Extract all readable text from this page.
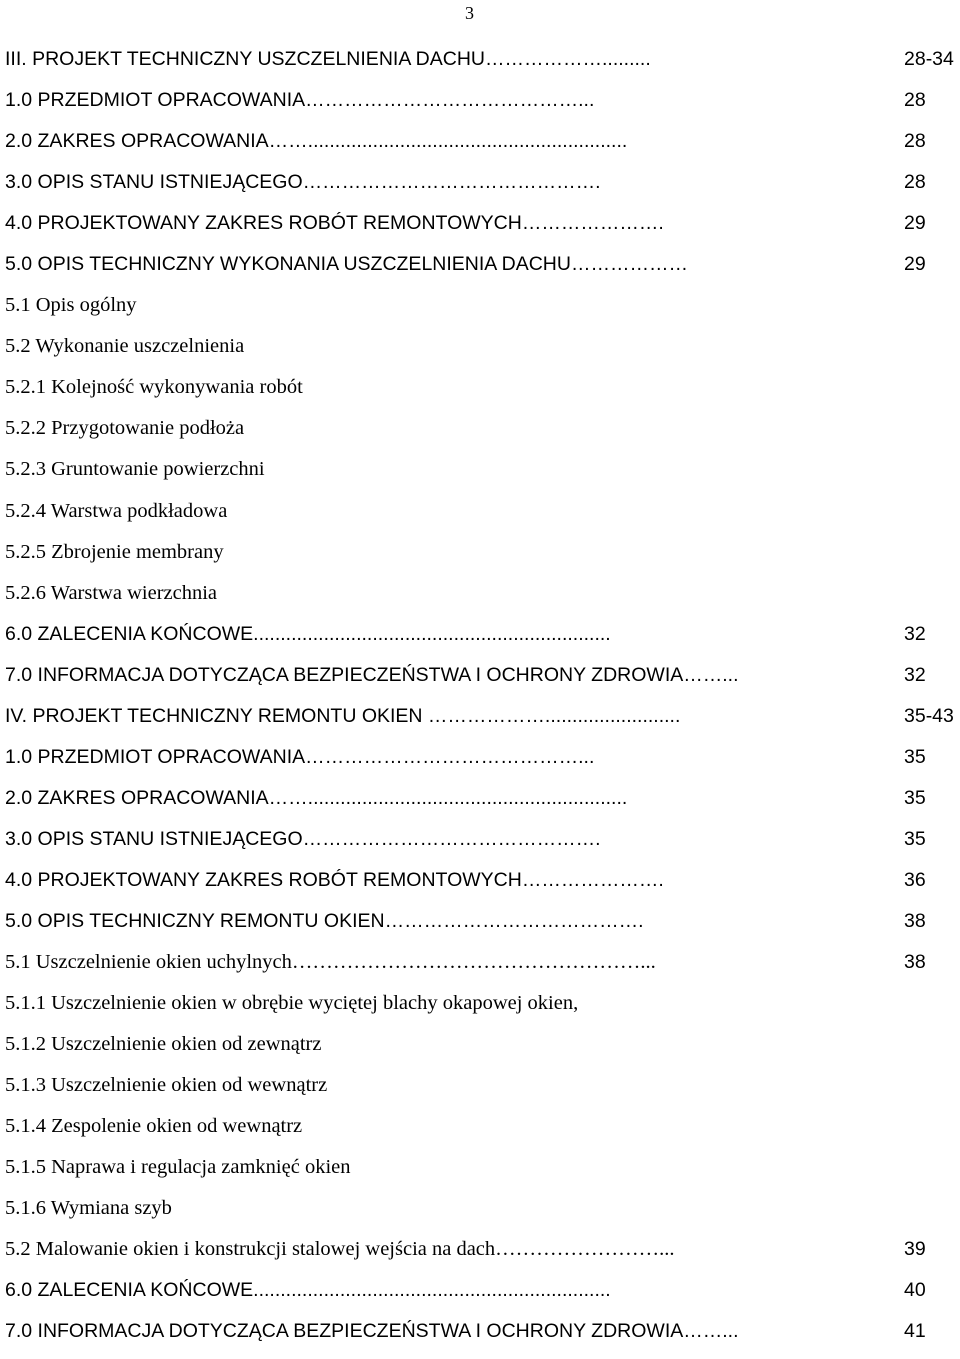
3
III. PROJEKT TECHNICZNY USZCZELNIENIA DACHU……………….........	28-34
1.0 PRZEDMIOT OPRACOWANIA……………………………………...	28
2.0 ZAKRES OPRACOWANIA……...........................................................	28
3.0 OPIS STANU ISTNIEJĄCEGO……………………………………….	28
4.0 PROJEKTOWANY ZAKRES ROBÓT REMONTOWYCH………………….	29
5.0 OPIS TECHNICZNY WYKONANIA USZCZELNIENIA DACHU………………	29
5.1 Opis ogólny
5.2 Wykonanie uszczelnienia
5.2.1 Kolejność wykonywania robót
5.2.2 Przygotowanie podłoża
5.2.3 Gruntowanie powierzchni
5.2.4 Warstwa podkładowa
5.2.5 Zbrojenie membrany
5.2.6 Warstwa wierzchnia
6.0 ZALECENIA KOŃCOWE..................................................................	32
7.0 INFORMACJA DOTYCZĄCA BEZPIECZEŃSTWA I OCHRONY ZDROWIA……...	32
IV. PROJEKT TECHNICZNY REMONTU OKIEN ……………….........................	35-43
1.0 PRZEDMIOT OPRACOWANIA……………………………………...	35
2.0 ZAKRES OPRACOWANIA……...........................................................	35
3.0 OPIS STANU ISTNIEJĄCEGO……………………………………….	35
4.0 PROJEKTOWANY ZAKRES ROBÓT REMONTOWYCH………………….	36
5.0 OPIS TECHNICZNY REMONTU OKIEN………………………………….	38
5.1 Uszczelnienie okien uchylnych……………………………………………...	38
5.1.1 Uszczelnienie okien w obrębie wyciętej blachy okapowej okien,
5.1.2 Uszczelnienie okien od zewnątrz
5.1.3 Uszczelnienie okien od wewnątrz
5.1.4 Zespolenie okien od wewnątrz
5.1.5 Naprawa i regulacja zamknięć okien
5.1.6 Wymiana szyb
5.2 Malowanie okien i konstrukcji stalowej wejścia na dach……………………...	39
6.0 ZALECENIA KOŃCOWE..................................................................	40
7.0 INFORMACJA DOTYCZĄCA BEZPIECZEŃSTWA I OCHRONY ZDROWIA……...	41
